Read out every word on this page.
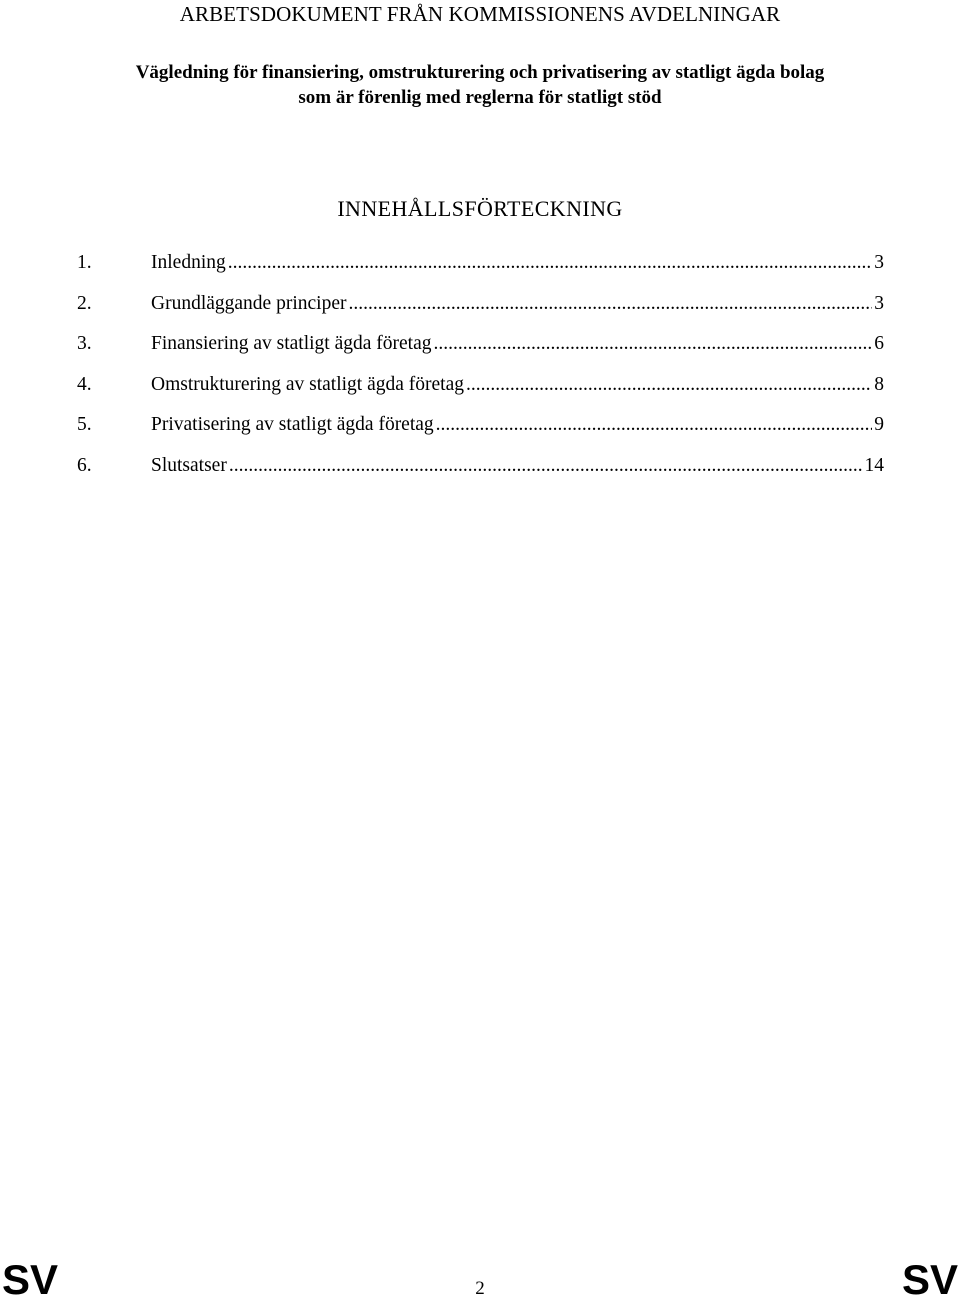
ARBETSDOKUMENT FRÅN KOMMISSIONENS AVDELNINGAR
Vägledning för finansiering, omstrukturering och privatisering av statligt ägda bolag
som är förenlig med reglerna för statligt stöd
INNEHÅLLSFÖRTECKNING
1.	Inledning .....	3
2.	Grundläggande principer .....	3
3.	Finansiering av statligt ägda företag .....	6
4.	Omstrukturering av statligt ägda företag .....	8
5.	Privatisering av statligt ägda företag .....	9
6.	Slutsatser .....	14
SV	2	SV
